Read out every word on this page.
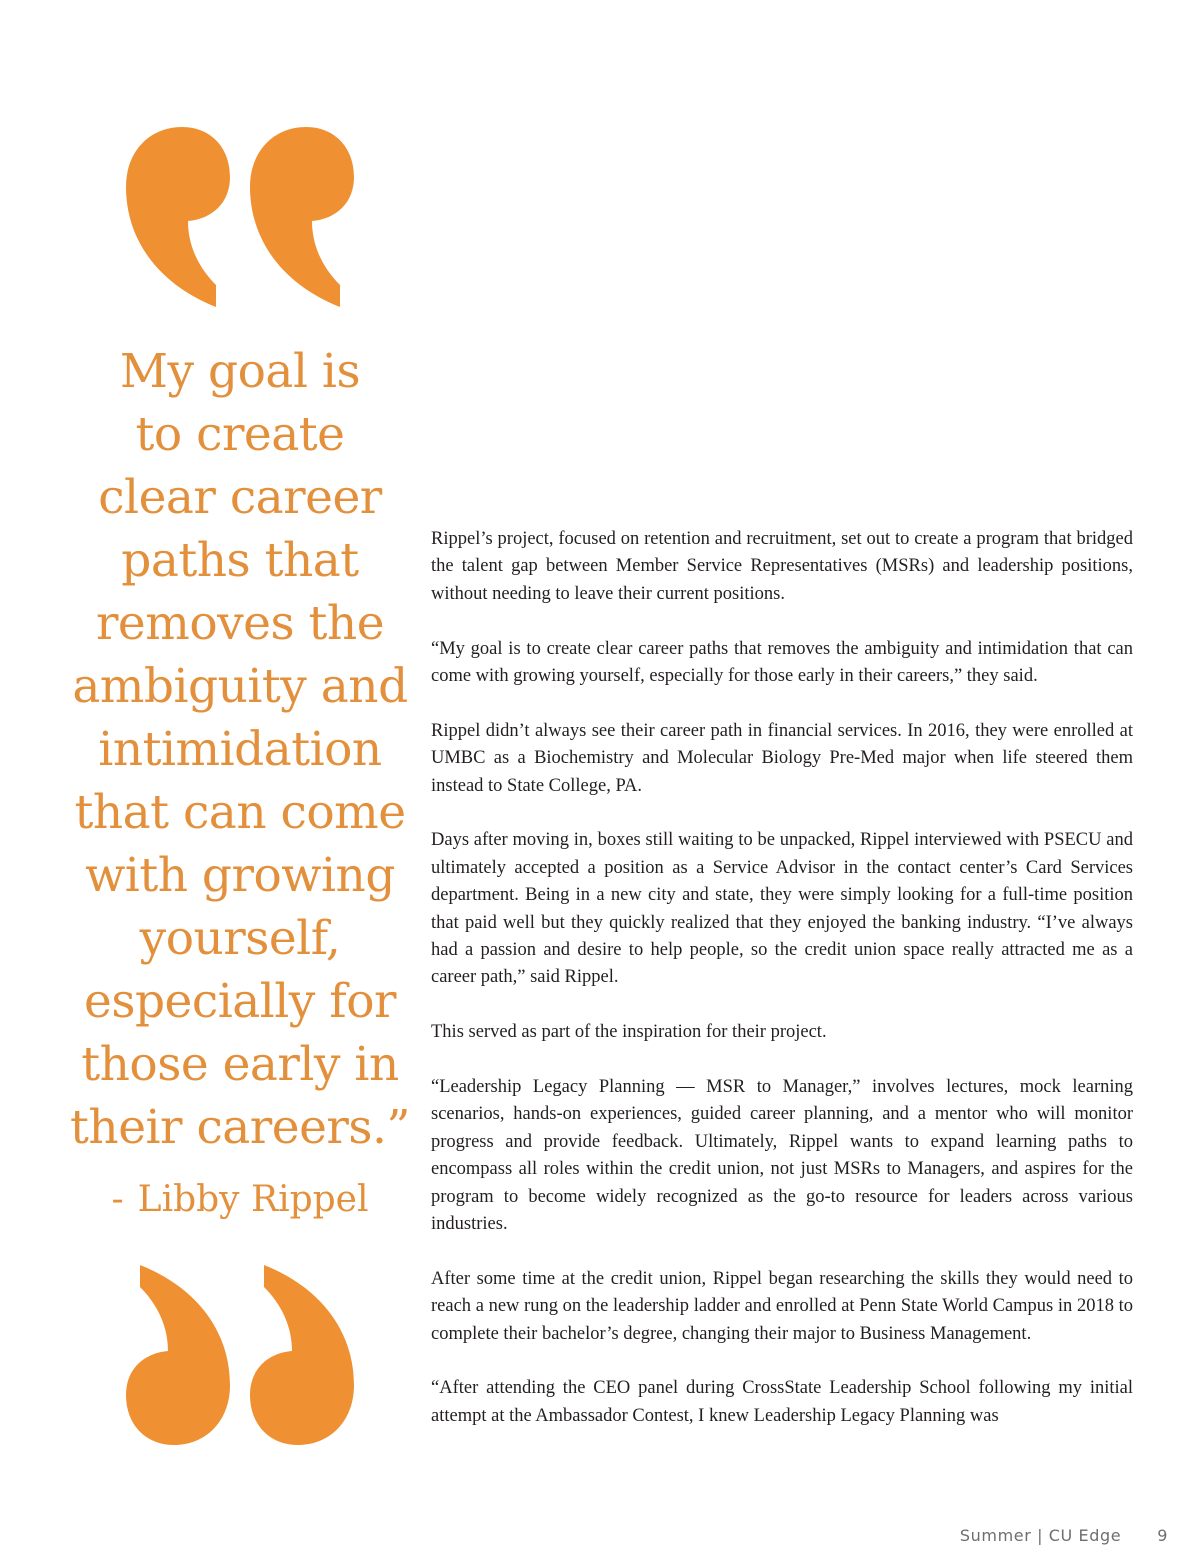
My goal is
to create
clear career
paths that
removes the
ambiguity and
intimidation
that can come
with growing
yourself,
especially for
those early in
their careers.”

- Libby Rippel

Rippel’s project, focused on retention and recruitment, set out to create a program that bridged the talent gap between Member Service Representatives (MSRs) and leadership positions, without needing to leave their current positions.

“My goal is to create clear career paths that removes the ambiguity and intimidation that can come with growing yourself, especially for those early in their careers,” they said.

Rippel didn’t always see their career path in financial services. In 2016, they were enrolled at UMBC as a Biochemistry and Molecular Biology Pre-Med major when life steered them instead to State College, PA.

Days after moving in, boxes still waiting to be unpacked, Rippel interviewed with PSECU and ultimately accepted a position as a Service Advisor in the contact center’s Card Services department. Being in a new city and state, they were simply looking for a full-time position that paid well but they quickly realized that they enjoyed the banking industry. “I’ve always had a passion and desire to help people, so the credit union space really attracted me as a career path,” said Rippel.

This served as part of the inspiration for their project.

“Leadership Legacy Planning — MSR to Manager,” involves lectures, mock learning scenarios, hands-on experiences, guided career planning, and a mentor who will monitor progress and provide feedback. Ultimately, Rippel wants to expand learning paths to encompass all roles within the credit union, not just MSRs to Managers, and aspires for the program to become widely recognized as the go-to resource for leaders across various industries.

After some time at the credit union, Rippel began researching the skills they would need to reach a new rung on the leadership ladder and enrolled at Penn State World Campus in 2018 to complete their bachelor’s degree, changing their major to Business Management.

“After attending the CEO panel during CrossState Leadership School following my initial attempt at the Ambassador Contest, I knew Leadership Legacy Planning was

Summer | CU Edge 9
